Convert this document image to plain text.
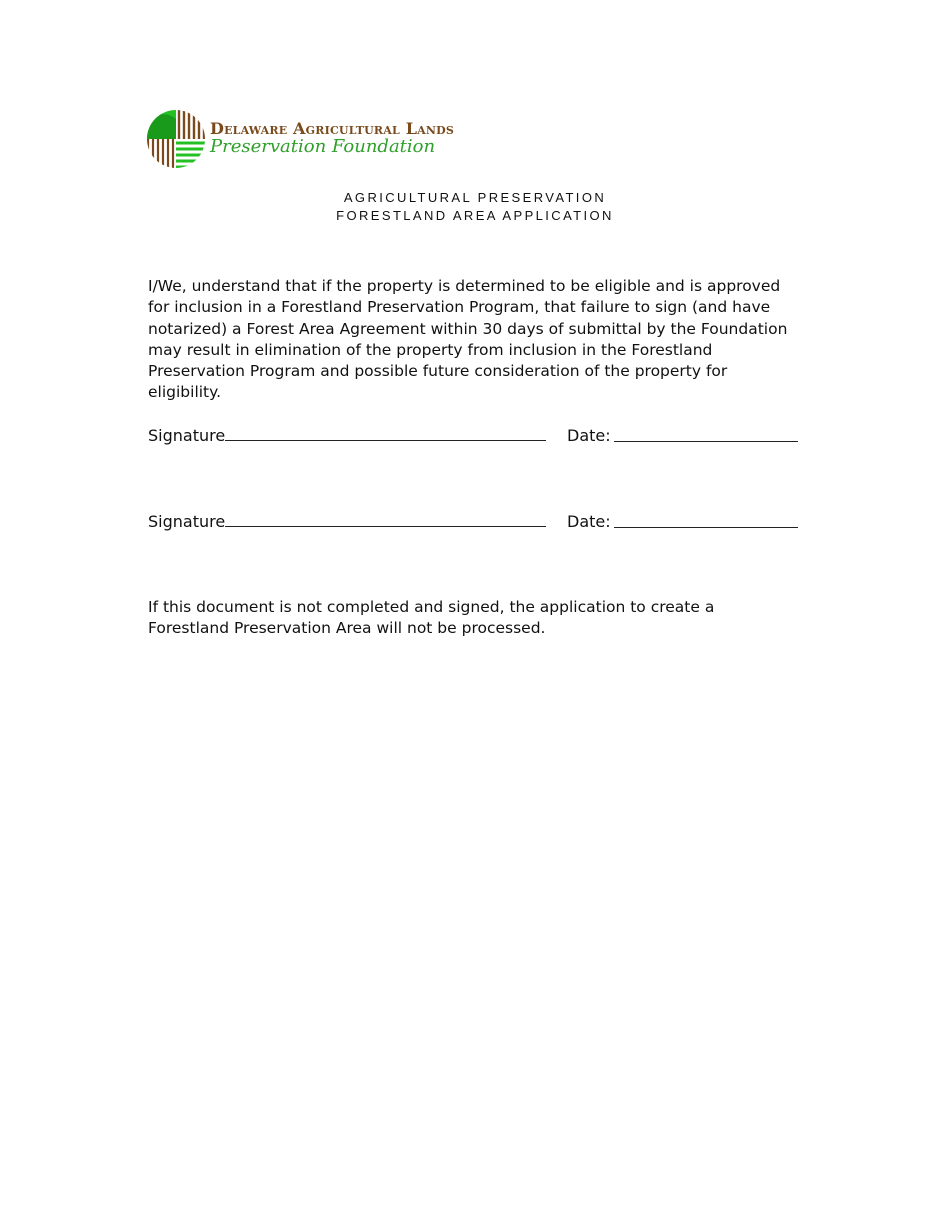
Delaware Agricultural Lands
Preservation Foundation
AGRICULTURAL PRESERVATION
FORESTLAND AREA APPLICATION

I/We, understand that if the property is determined to be eligible and is approved for inclusion in a Forestland Preservation Program, that failure to sign (and have notarized) a Forest Area Agreement within 30 days of submittal by the Foundation may result in elimination of the property from inclusion in the Forestland Preservation Program and possible future consideration of the property for eligibility.

Signature	Date:
Signature	Date:

If this document is not completed and signed, the application to create a Forestland Preservation Area will not be processed.
